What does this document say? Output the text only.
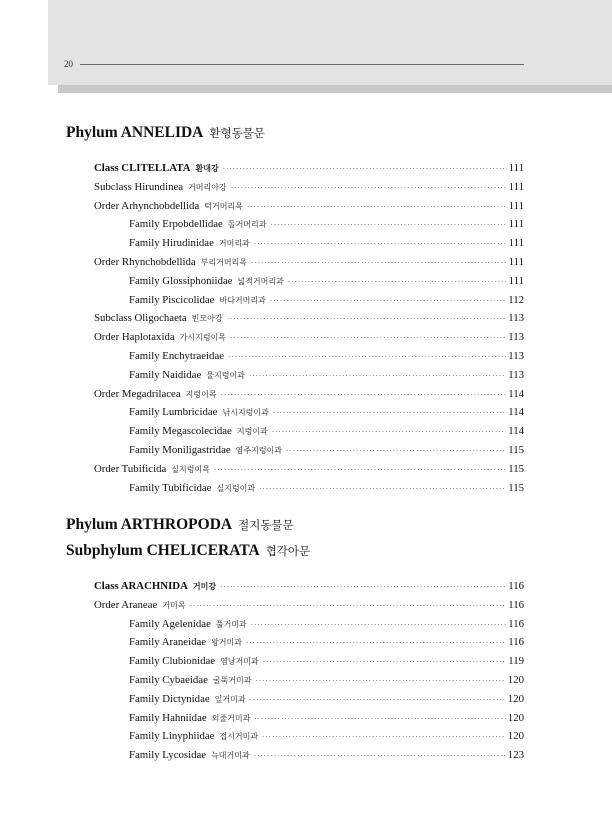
20
Phylum ANNELIDA 환형동물문
Class CLITELLATA 환대강 ·····	111
Subclass Hirundinea 거머리아강 ·····	111
Order Arhynchobdellida 턱거머리목 ·····	111
Family Erpobdellidae 돌거머리과 ·····	111
Family Hirudinidae 거머리과 ·····	111
Order Rhynchobdellida 부리거머리목 ·····	111
Family Glossiphoniidae 넓적거머리과 ·····	111
Family Piscicolidae 바다거머리과 ·····	112
Subclass Oligochaeta 빈모아강 ·····	113
Order Haplotaxida 가시지렁이목 ·····	113
Family Enchytraeidae ·····	113
Family Naididae 물지렁이과 ·····	113
Order Megadrilacea 지렁이목 ·····	114
Family Lumbricidae 낚시지렁이과 ·····	114
Family Megascolecidae 지렁이과 ·····	114
Family Moniligastridae 염주지렁이과 ·····	115
Order Tubificida 실지렁이목 ·····	115
Family Tubificidae 실지렁이과 ·····	115
Phylum ARTHROPODA 절지동물문
Subphylum CHELICERATA 협각아문
Class ARACHNIDA 거미강 ·····	116
Order Araneae 거미목 ·····	116
Family Agelenidae 풀거미과 ·····	116
Family Araneidae 왕거미과 ·····	116
Family Clubionidae 염낭거미과 ·····	119
Family Cybaeidae 굴뚝거미과 ·····	120
Family Dictynidae 잎거미과 ·····	120
Family Hahniidae 외줄거미과 ·····	120
Family Linyphiidae 접시거미과 ·····	120
Family Lycosidae 늑대거미과 ·····	123
